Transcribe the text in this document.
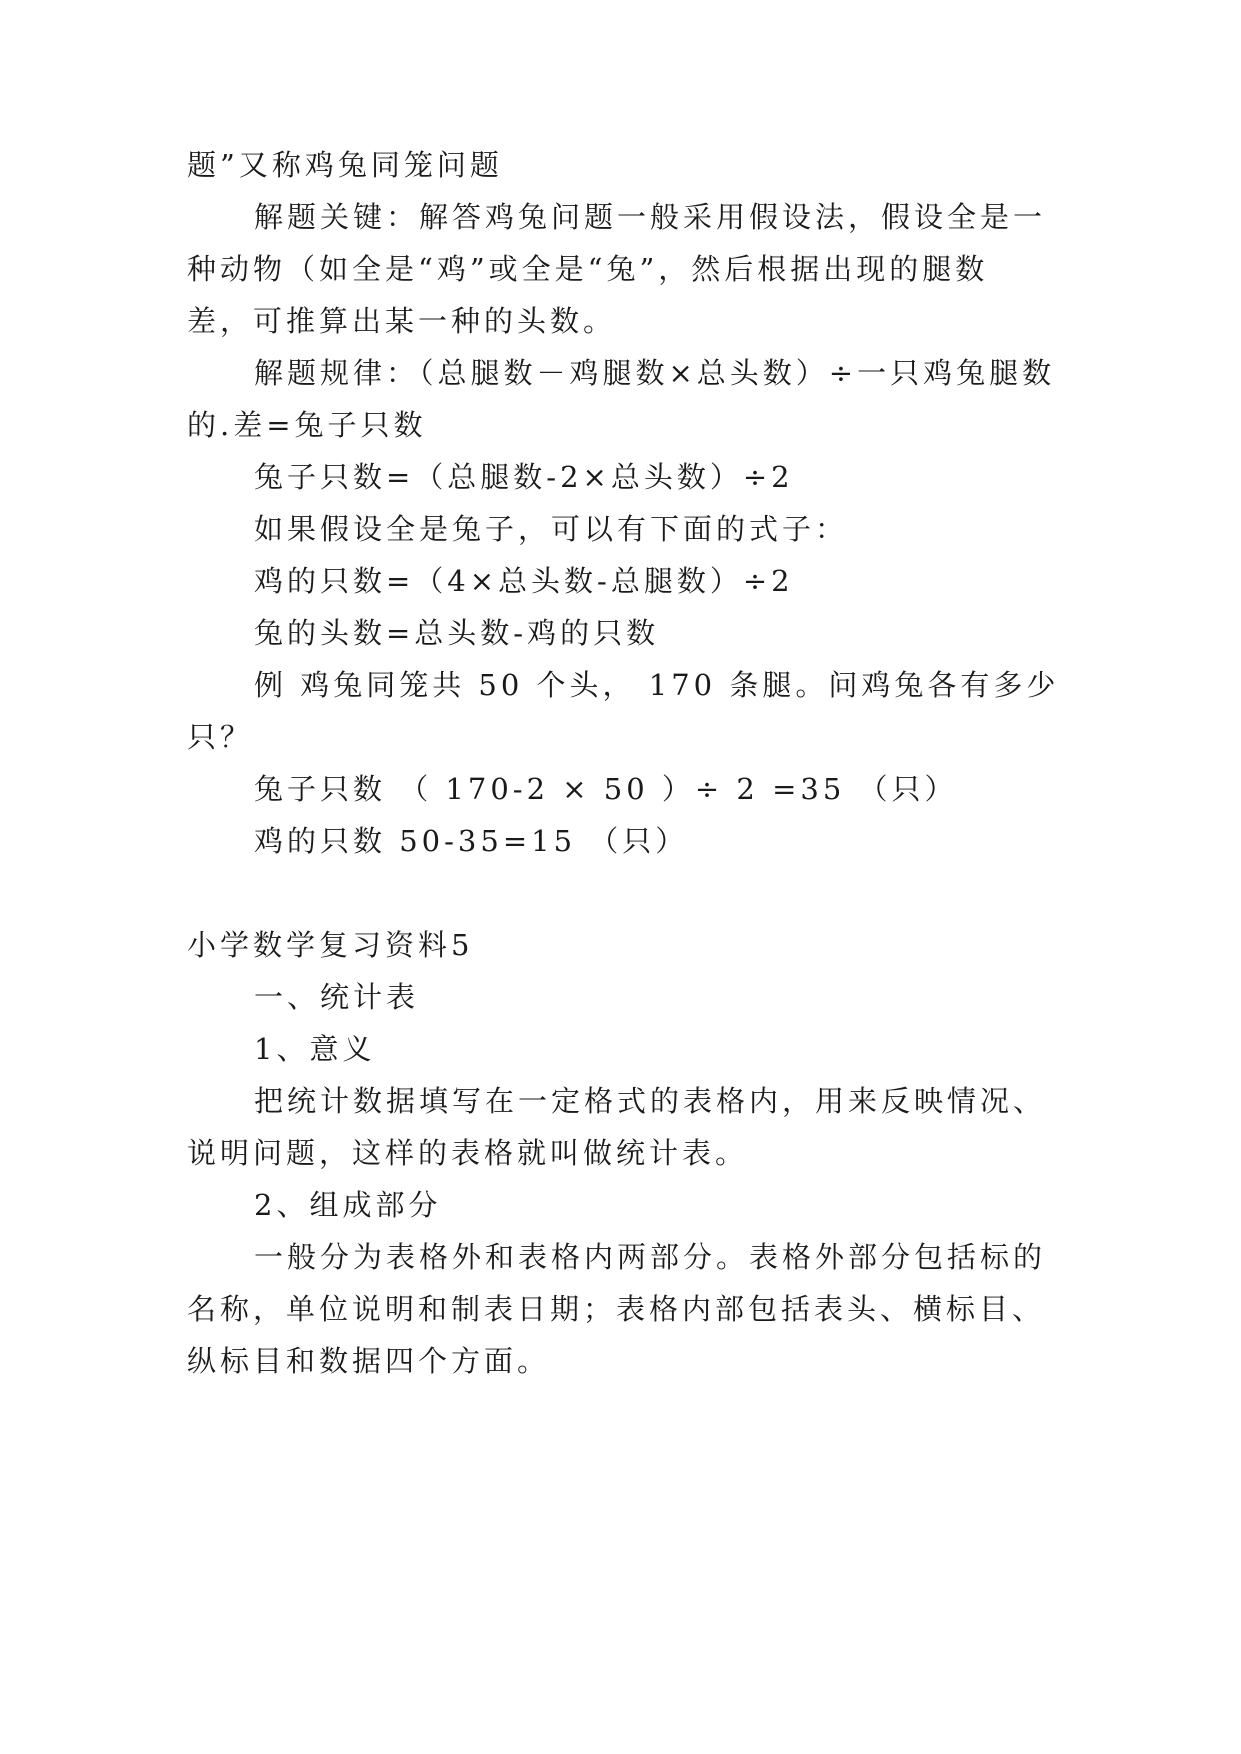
题”又称鸡兔同笼问题
解题关键：解答鸡兔问题一般采用假设法，假设全是一
种动物（如全是“鸡”或全是“兔”，然后根据出现的腿数
差，可推算出某一种的头数。
解题规律：（总腿数－鸡腿数×总头数）÷一只鸡兔腿数
的.差=兔子只数
兔子只数=（总腿数-2×总头数）÷2
如果假设全是兔子，可以有下面的式子：
鸡的只数=（4×总头数-总腿数）÷2
兔的头数=总头数-鸡的只数
例 鸡兔同笼共 50 个头， 170 条腿。问鸡兔各有多少
只？
兔子只数 （ 170-2 × 50 ）÷ 2 =35 （只）
鸡的只数 50-35=15 （只）
小学数学复习资料5
一、统计表
1、意义
把统计数据填写在一定格式的表格内，用来反映情况、
说明问题，这样的表格就叫做统计表。
2、组成部分
一般分为表格外和表格内两部分。表格外部分包括标的
名称，单位说明和制表日期；表格内部包括表头、横标目、
纵标目和数据四个方面。
